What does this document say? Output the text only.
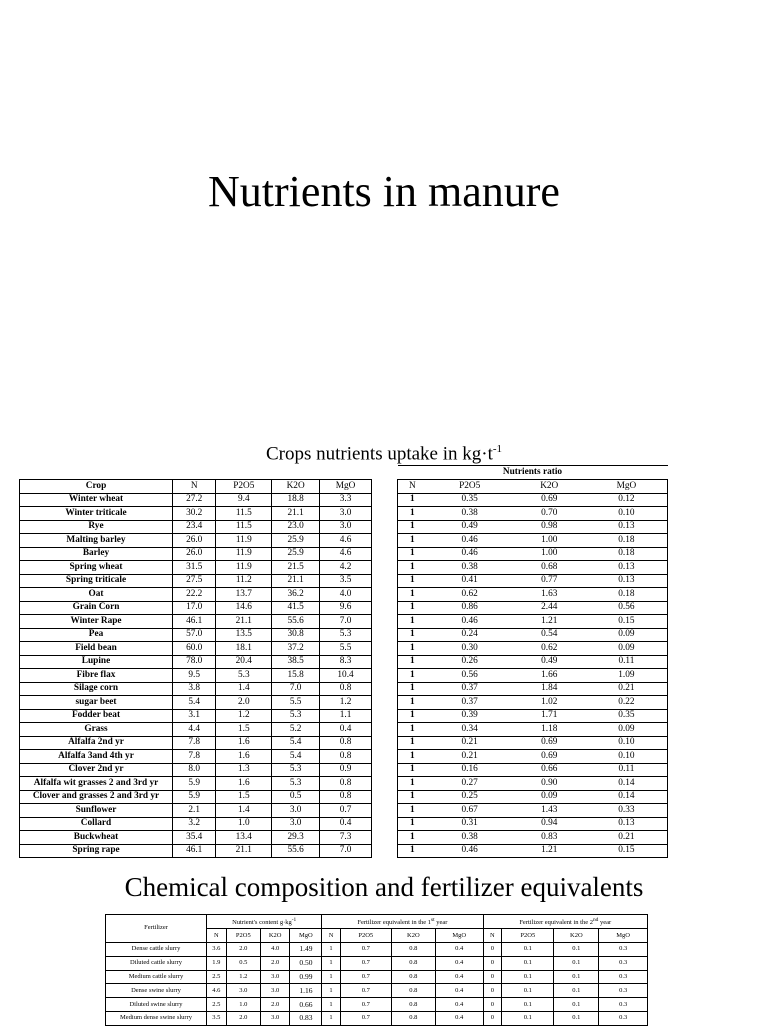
Nutrients in manure
Crops nutrients uptake in $kg\cdot t^{-1}$
Crop	N	P2O5	K2O	MgO
Winter wheat	27.2	9.4	18.8	3.3
Winter triticale	30.2	11.5	21.1	3.0
Rye	23.4	11.5	23.0	3.0
Malting barley	26.0	11.9	25.9	4.6
Barley	26.0	11.9	25.9	4.6
Spring wheat	31.5	11.9	21.5	4.2
Spring triticale	27.5	11.2	21.1	3.5
Oat	22.2	13.7	36.2	4.0
Grain Corn	17.0	14.6	41.5	9.6
Winter Rape	46.1	21.1	55.6	7.0
Pea	57.0	13.5	30.8	5.3
Field bean	60.0	18.1	37.2	5.5
Lupine	78.0	20.4	38.5	8.3
Fibre flax	9.5	5.3	15.8	10.4
Silage corn	3.8	1.4	7.0	0.8
sugar beet	5.4	2.0	5.5	1.2
Fodder beat	3.1	1.2	5.3	1.1
Grass	4.4	1.5	5.2	0.4
Alfalfa 2nd yr	7.8	1.6	5.4	0.8
Alfalfa 3and 4th yr	7.8	1.6	5.4	0.8
Clover 2nd yr	8.0	1.3	5.3	0.9
Alfalfa wit grasses 2 and 3rd yr	5.9	1.6	5.3	0.8
Clover and grasses 2 and 3rd yr	5.9	1.5	0.5	0.8
Sunflower	2.1	1.4	3.0	0.7
Collard	3.2	1.0	3.0	0.4
Buckwheat	35.4	13.4	29.3	7.3
Spring rape	46.1	21.1	55.6	7.0
Nutrients ratio			
N	P2O5	K2O	MgO
1	0.35	0.69	0.12
1	0.38	0.70	0.10
1	0.49	0.98	0.13
1	0.46	1.00	0.18
1	0.46	1.00	0.18
1	0.38	0.68	0.13
1	0.41	0.77	0.13
1	0.62	1.63	0.18
1	0.86	2.44	0.56
1	0.46	1.21	0.15
1	0.24	0.54	0.09
1	0.30	0.62	0.09
1	0.26	0.49	0.11
1	0.56	1.66	1.09
1	0.37	1.84	0.21
1	0.37	1.02	0.22
1	0.39	1.71	0.35
1	0.34	1.18	0.09
1	0.21	0.69	0.10
1	0.21	0.69	0.10
1	0.16	0.66	0.11
1	0.27	0.90	0.14
1	0.25	0.09	0.14
1	0.67	1.43	0.33
1	0.31	0.94	0.13
1	0.38	0.83	0.21
1	0.46	1.21	0.15
Chemical composition and fertilizer equivalents
Fertilizer	Nutrient's content $g\cdot kg^{-1}$				Fertilizer equivalent in the 1st year				Fertilizer equivalent in the 2nd year			
	N	P2O5	K2O	MgO	N	P2O5	K2O	MgO	N	P2O5	K2O	MgO
Dense cattle slurry	3.6	2.0	4.0	1.49	1	0.7	0.8	0.4	0	0.1	0.1	0.3
Diluted cattle slurry	1.9	0.5	2.0	0.50	1	0.7	0.8	0.4	0	0.1	0.1	0.3
Medium cattle slurry	2.5	1.2	3.0	0.99	1	0.7	0.8	0.4	0	0.1	0.1	0.3
Dense swine slurry	4.6	3.0	3.0	1.16	1	0.7	0.8	0.4	0	0.1	0.1	0.3
Diluted swine slurry	2.5	1.0	2.0	0.66	1	0.7	0.8	0.4	0	0.1	0.1	0.3
Medium dense swine slurry	3.5	2.0	3.0	0.83	1	0.7	0.8	0.4	0	0.1	0.1	0.3
